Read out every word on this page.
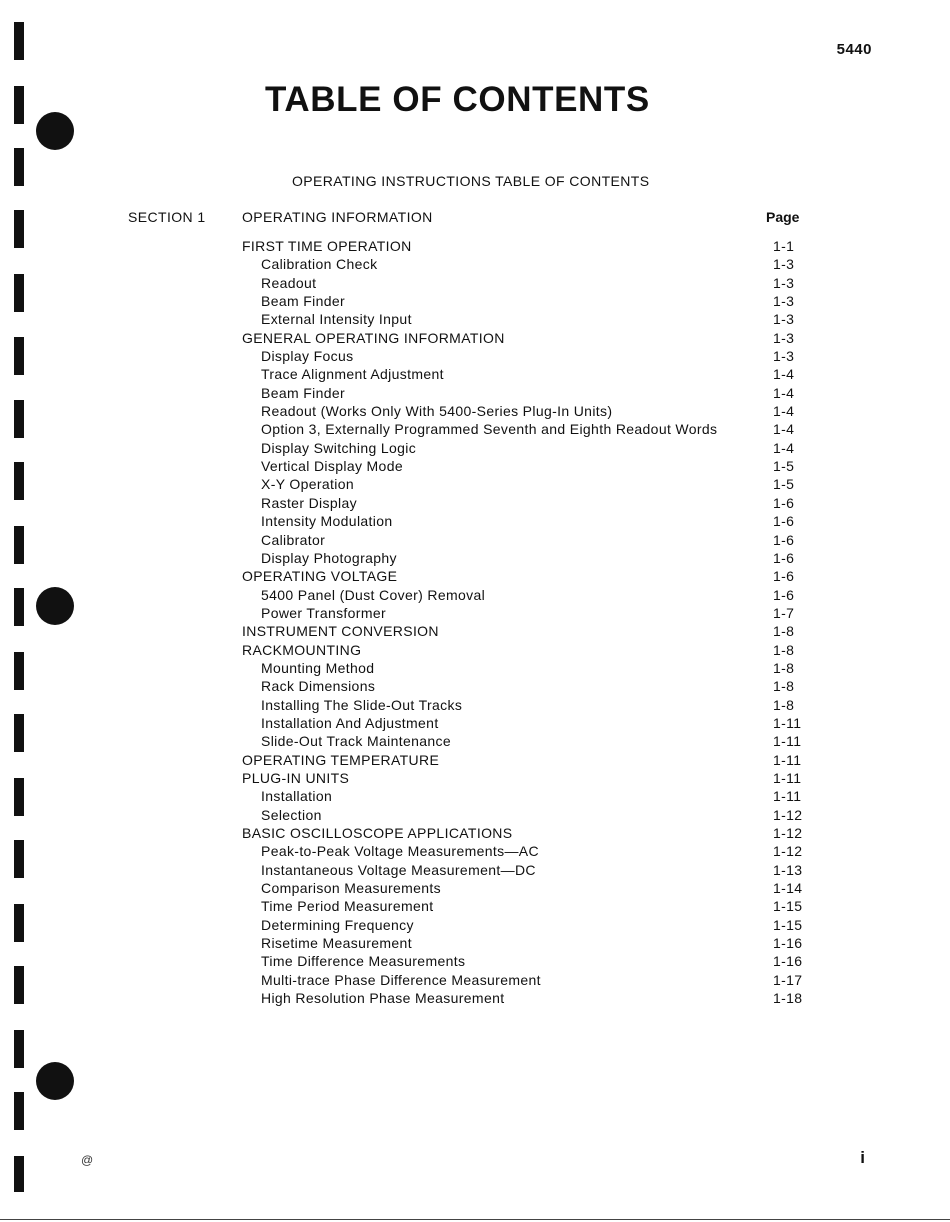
5440
TABLE OF CONTENTS
OPERATING INSTRUCTIONS TABLE OF CONTENTS
SECTION 1	OPERATING INFORMATION	Page
FIRST TIME OPERATION	1-1
Calibration Check	1-3
Readout	1-3
Beam Finder	1-3
External Intensity Input	1-3
GENERAL OPERATING INFORMATION	1-3
Display Focus	1-3
Trace Alignment Adjustment	1-4
Beam Finder	1-4
Readout (Works Only With 5400-Series Plug-In Units)	1-4
Option 3, Externally Programmed Seventh and Eighth Readout Words	1-4
Display Switching Logic	1-4
Vertical Display Mode	1-5
X-Y Operation	1-5
Raster Display	1-6
Intensity Modulation	1-6
Calibrator	1-6
Display Photography	1-6
OPERATING VOLTAGE	1-6
5400 Panel (Dust Cover) Removal	1-6
Power Transformer	1-7
INSTRUMENT CONVERSION	1-8
RACKMOUNTING	1-8
Mounting Method	1-8
Rack Dimensions	1-8
Installing The Slide-Out Tracks	1-8
Installation And Adjustment	1-11
Slide-Out Track Maintenance	1-11
OPERATING TEMPERATURE	1-11
PLUG-IN UNITS	1-11
Installation	1-11
Selection	1-12
BASIC OSCILLOSCOPE APPLICATIONS	1-12
Peak-to-Peak Voltage Measurements—AC	1-12
Instantaneous Voltage Measurement—DC	1-13
Comparison Measurements	1-14
Time Period Measurement	1-15
Determining Frequency	1-15
Risetime Measurement	1-16
Time Difference Measurements	1-16
Multi-trace Phase Difference Measurement	1-17
High Resolution Phase Measurement	1-18
@	i
